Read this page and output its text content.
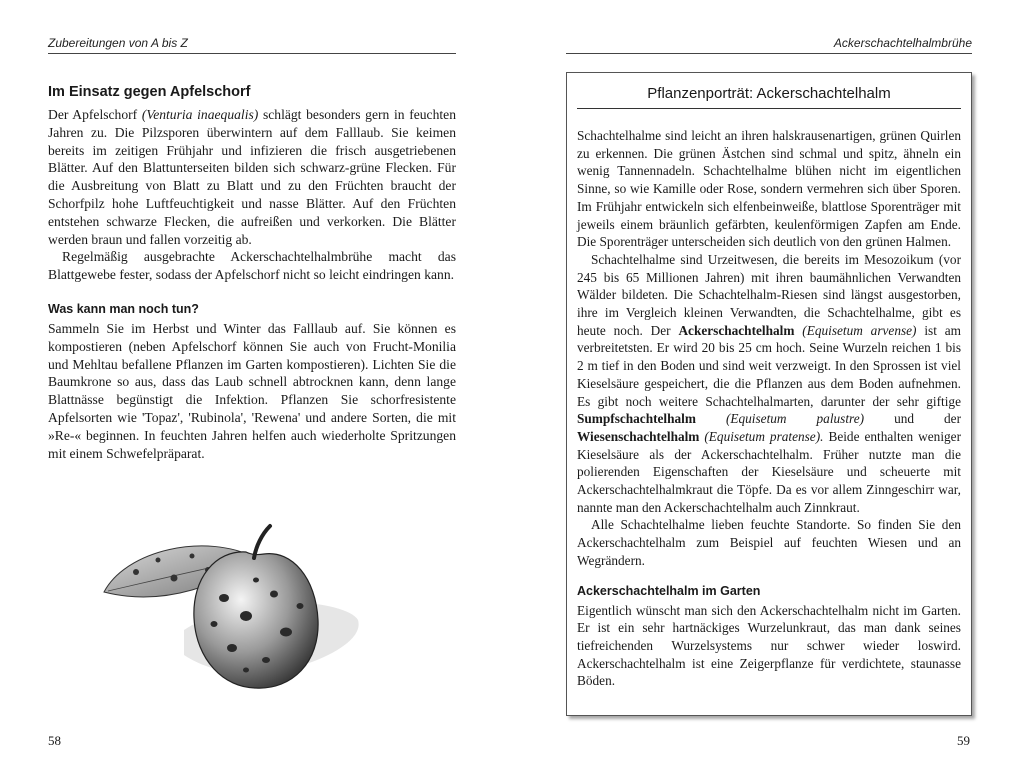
Zubereitungen von A bis Z	Ackerschachtelhalmbrühe
Im Einsatz gegen Apfelschorf

Der Apfelschorf (Venturia inaequalis) schlägt besonders gern in feuchten Jahren zu. Die Pilzsporen überwintern auf dem Falllaub. Sie keimen bereits im zeitigen Frühjahr und infizieren die frisch ausgetriebenen Blätter. Auf den Blattunterseiten bilden sich schwarz-grüne Flecken. Für die Ausbreitung von Blatt zu Blatt und zu den Früchten braucht der Schorfpilz hohe Luftfeuchtigkeit und nasse Blätter. Auf den Früchten entstehen schwarze Flecken, die aufreißen und verkorken. Die Blätter werden braun und fallen vorzeitig ab.

Regelmäßig ausgebrachte Ackerschachtelhalmbrühe macht das Blattgewebe fester, sodass der Apfelschorf nicht so leicht eindringen kann.

Was kann man noch tun?

Sammeln Sie im Herbst und Winter das Falllaub auf. Sie können es kompostieren (neben Apfelschorf können Sie auch von Frucht-Monilia und Mehltau befallene Pflanzen im Garten kompostieren). Lichten Sie die Baumkrone so aus, dass das Laub schnell abtrocknen kann, denn lange Blattnässe begünstigt die Infektion. Pflanzen Sie schorfresistente Apfelsorten wie 'Topaz', 'Rubinola', 'Rewena' und andere Sorten, die mit »Re-« beginnen. In feuchten Jahren helfen auch wiederholte Spritzungen mit einem Schwefelpräparat.

58
Pflanzenporträt: Ackerschachtelhalm

Schachtelhalme sind leicht an ihren halskrausenartigen, grünen Quirlen zu erkennen. Die grünen Ästchen sind schmal und spitz, ähneln ein wenig Tannennadeln. Schachtelhalme blühen nicht im eigentlichen Sinne, so wie Kamille oder Rose, sondern vermehren sich über Sporen. Im Frühjahr entwickeln sich elfenbeinweiße, blattlose Sporenträger mit jeweils einem bräunlich gefärbten, keulenförmigen Zapfen am Ende. Die Sporenträger unterscheiden sich deutlich von den grünen Halmen.

Schachtelhalme sind Urzeitwesen, die bereits im Mesozoikum (vor 245 bis 65 Millionen Jahren) mit ihren baumähnlichen Verwandten Wälder bildeten. Die Schachtelhalm-Riesen sind längst ausgestorben, ihre im Vergleich kleinen Verwandten, die Schachtelhalme, gibt es heute noch. Der Ackerschachtelhalm (Equisetum arvense) ist am verbreitetsten. Er wird 20 bis 25 cm hoch. Seine Wurzeln reichen 1 bis 2 m tief in den Boden und sind weit verzweigt. In den Sprossen ist viel Kieselsäure gespeichert, die die Pflanzen aus dem Boden aufnehmen. Es gibt noch weitere Schachtelhalmarten, darunter der sehr giftige Sumpfschachtelhalm (Equisetum palustre) und der Wiesenschachtelhalm (Equisetum pratense). Beide enthalten weniger Kieselsäure als der Ackerschachtelhalm. Früher nutzte man die polierenden Eigenschaften der Kieselsäure und scheuerte mit Ackerschachtelhalmkraut die Töpfe. Da es vor allem Zinngeschirr war, nannte man den Ackerschachtelhalm auch Zinnkraut.

Alle Schachtelhalme lieben feuchte Standorte. So finden Sie den Ackerschachtelhalm zum Beispiel auf feuchten Wiesen und an Wegrändern.

Ackerschachtelhalm im Garten

Eigentlich wünscht man sich den Ackerschachtelhalm nicht im Garten. Er ist ein sehr hartnäckiges Wurzelunkraut, das man dank seines tiefreichenden Wurzelsystems nur schwer wieder loswird. Ackerschachtelhalm ist eine Zeigerpflanze für verdichtete, staunasse Böden.

59
